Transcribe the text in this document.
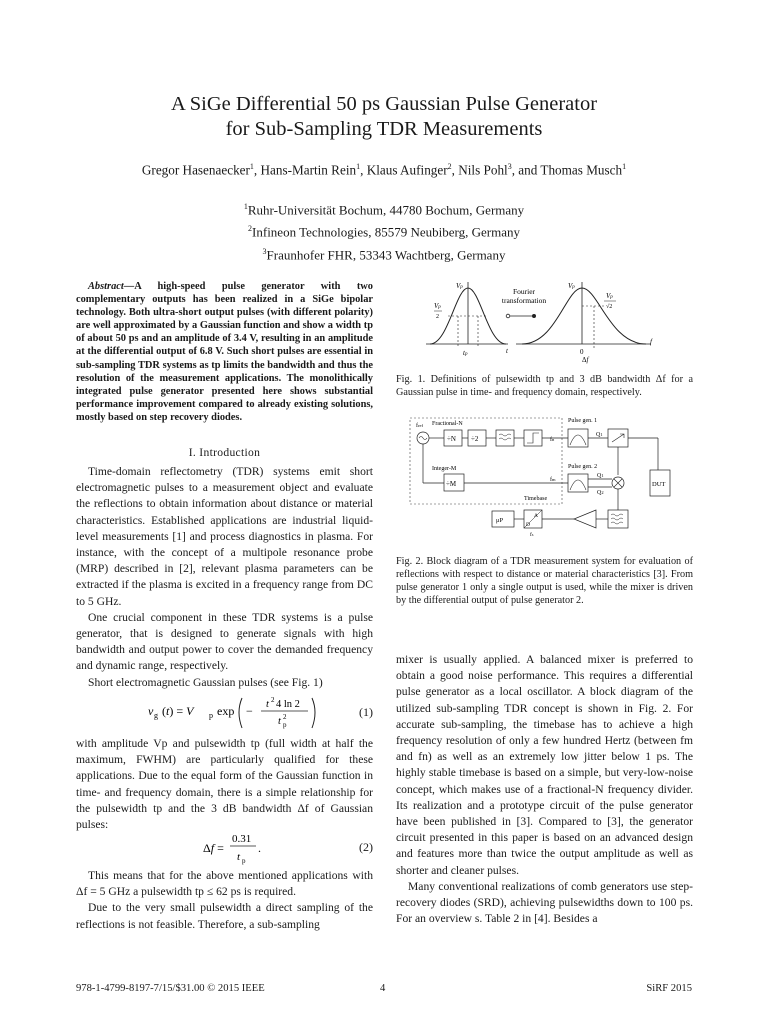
A SiGe Differential 50 ps Gaussian Pulse Generator
for Sub-Sampling TDR Measurements
Gregor Hasenaecker$^1$, Hans-Martin Rein$^1$, Klaus Aufinger$^2$, Nils Pohl$^3$, and Thomas Musch$^1$
$^1$Ruhr-Universität Bochum, 44780 Bochum, Germany
$^2$Infineon Technologies, 85579 Neubiberg, Germany
$^3$Fraunhofer FHR, 53343 Wachtberg, Germany
Abstract—A high-speed pulse generator with two complementary outputs has been realized in a SiGe bipolar technology. Both ultra-short output pulses (with different polarity) are well approximated by a Gaussian function and show a width tp of about 50 ps and an amplitude of 3.4 V, resulting in an amplitude at the differential output of 6.8 V. Such short pulses are essential in sub-sampling TDR systems as tp limits the bandwidth and thus the resolution of the measurement applications. The monolithically integrated pulse generator presented here shows substantial performance improvement compared to already existing solutions, mostly based on step recovery diodes.
I. Introduction

Time-domain reflectometry (TDR) systems emit short electromagnetic pulses to a measurement object and evaluate the reflections to obtain information about distance or material characteristics. Established applications are industrial liquid-level measurements [1] and process diagnostics in plasma. For instance, with the concept of a multipole resonance probe (MRP) described in [2], relevant plasma parameters can be extracted if the plasma is excited in a frequency range from DC to 5 GHz.

One crucial component in these TDR systems is a pulse generator, that is designed to generate signals with high bandwidth and output power to cover the demanded frequency and dynamic range, respectively.

Short electromagnetic Gaussian pulses (see Fig. 1)

v g (t) = V p exp − t 2 4 ln 2
t 2
p
(1)

with amplitude Vp and pulsewidth tp (full width at half the maximum, FWHM) are particularly qualified for these applications. Due to the equal form of the Gaussian function in time- and frequency domain, there is a simple relationship for the pulsewidth tp and the 3 dB bandwidth Δf of Gaussian pulses:

Δf =
0.31
t p
.	(2)

This means that for the above mentioned applications with Δf = 5 GHz a pulsewidth tp ≤ 62 ps is required.

Due to the very small pulsewidth a direct sampling of the reflections is not feasible. Therefore, a sub-sampling

Vp
Vp
2
tp	t
Fourier
transformation
Vp
Vp
√2
0
Δf
f
Fig. 1. Definitions of pulsewidth tp and 3 dB bandwidth Δf for a Gaussian pulse in time- and frequency domain, respectively.
fref Fractional-N
÷N ÷2	fn
Pulse gen. 1
Q1
DUT
Integer-M
÷M	fm
Timebase
Pulse gen. 2
Q1
Q2
A
D
fs
μP
Fig. 2. Block diagram of a TDR measurement system for evaluation of reflections with respect to distance or material characteristics [3]. From pulse generator 1 only a single output is used, while the mixer is driven by the differential output of pulse generator 2.

mixer is usually applied. A balanced mixer is preferred to obtain a good noise performance. This requires a differential pulse generator as a local oscillator. A block diagram of the utilized sub-sampling TDR concept is shown in Fig. 2. For accurate sub-sampling, the timebase has to achieve a high frequency resolution of only a few hundred Hertz (between fm and fn) as well as an extremely low jitter below 1 ps. The highly stable timebase is based on a simple, but very-low-noise concept, which makes use of a fractional-N frequency divider. Its realization and a prototype circuit of the pulse generator have been published in [3]. Compared to [3], the generator circuit presented in this paper is based on an advanced design and features more than twice the output amplitude as well as shorter and cleaner pulses.

Many conventional realizations of comb generators use step-recovery diodes (SRD), achieving pulsewidths down to 100 ps. For an overview s. Table 2 in [4]. Besides a

978-1-4799-8197-7/15/$31.00 © 2015 IEEE	4	SiRF 2015
